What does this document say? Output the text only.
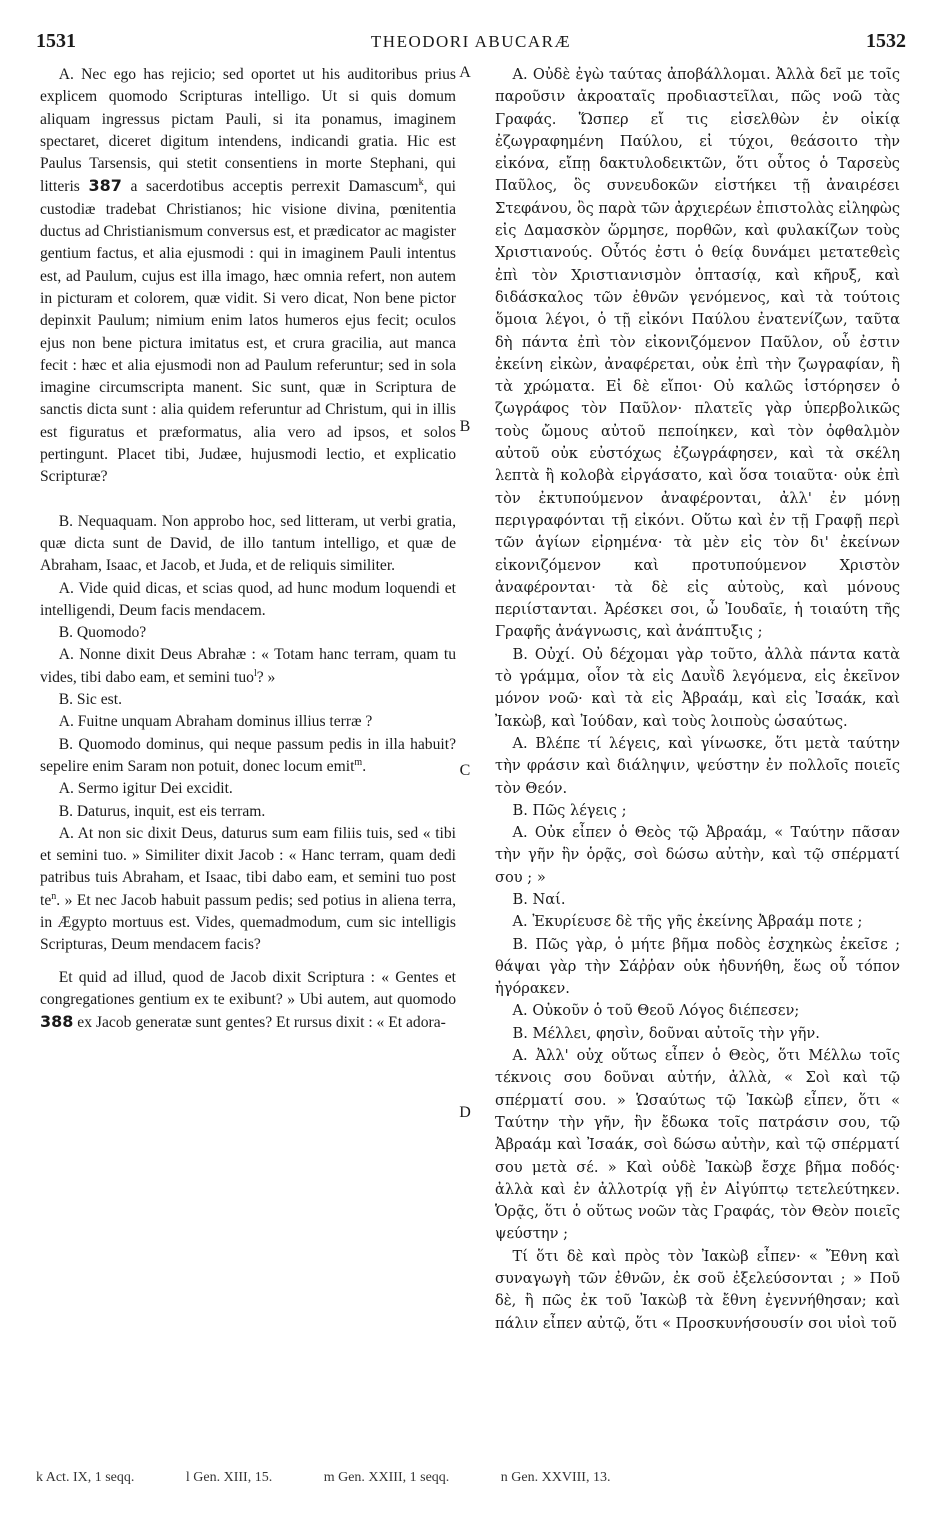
1531	THEODORI ABUCARÆ	1532

A. Nec ego has rejicio; sed oportet ut his auditoribus prius explicem quomodo Scripturas intelligo. Ut si quis domum aliquam ingressus pictam Pauli, si ita ponamus, imaginem spectaret, diceret digitum intendens, indicandi gratia. Hic est Paulus Tarsensis, qui stetit consentiens in morte Stephani, qui litteris 387 a sacerdotibus acceptis perrexit Damascum$^k$, qui custodiæ tradebat Christianos; hic visione divina, pœnitentia ductus ad Christianismum conversus est, et prædicator ac magister gentium factus, et alia ejusmodi : qui in imaginem Pauli intentus est, ad Paulum, cujus est illa imago, hæc omnia refert, non autem in picturam et colorem, quæ vidit. Si vero dicat, Non bene pictor depinxit Paulum; nimium enim latos humeros ejus fecit; oculos ejus non bene pictura imitatus est, et crura gracilia, aut manca fecit : hæc et alia ejusmodi non ad Paulum referuntur; sed in sola imagine circumscripta manent. Sic sunt, quæ in Scriptura de sanctis dicta sunt : alia quidem referuntur ad Christum, qui in illis est figuratus et præformatus, alia vero ad ipsos, et solos pertingunt. Placet tibi, Judæe, hujusmodi lectio, et explicatio Scripturæ?

B. Nequaquam. Non approbo hoc, sed litteram, ut verbi gratia, quæ dicta sunt de David, de illo tantum intelligo, et quæ de Abraham, Isaac, et Jacob, et Juda, et de reliquis similiter.

A. Vide quid dicas, et scias quod, ad hunc modum loquendi et intelligendi, Deum facis mendacem.

B. Quomodo?

A. Nonne dixit Deus Abrahæ : « Totam hanc terram, quam tu vides, tibi dabo eam, et semini tuo$^l$? »

B. Sic est.

A. Fuitne unquam Abraham dominus illius terræ ?

B. Quomodo dominus, qui neque passum pedis in illa habuit? sepelire enim Saram non potuit, donec locum emit$^m$.

A. Sermo igitur Dei excidit.

B. Daturus, inquit, est eis terram.

A. At non sic dixit Deus, daturus sum eam filiis tuis, sed « tibi et semini tuo. » Similiter dixit Jacob : « Hanc terram, quam dedi patribus tuis Abraham, et Isaac, tibi dabo eam, et semini tuo post te$^n$. » Et nec Jacob habuit passum pedis; sed potius in aliena terra, in Ægypto mortuus est. Vides, quemadmodum, cum sic intelligis Scripturas, Deum mendacem facis?

Et quid ad illud, quod de Jacob dixit Scriptura : « Gentes et congregationes gentium ex te exibunt? » Ubi autem, aut quomodo 388 ex Jacob generatæ sunt gentes? Et rursus dixit : « Et adora-

A
B
C
D

A. Οὐδὲ ἐγὼ ταύτας ἀποβάλλομαι. Ἀλλὰ δεῖ με τοῖς παροῦσιν ἀκροαταῖς προδιαστεῖλαι, πῶς νοῶ τὰς Γραφάς. Ὥσπερ εἴ τις εἰσελθὼν ἐν οἰκίᾳ ἐζωγραφημένη Παύλου, εἰ τύχοι, θεάσοιτο τὴν εἰκόνα, εἴπῃ δακτυλοδεικτῶν, ὅτι οὗτος ὁ Ταρσεὺς Παῦλος, ὃς συνευδοκῶν εἱστήκει τῇ ἀναιρέσει Στεφάνου, ὃς παρὰ τῶν ἀρχιερέων ἐπιστολὰς εἰληφὼς εἰς Δαμασκὸν ὥρμησε, πορθῶν, καὶ φυλακίζων τοὺς Χριστιανούς. Οὗτός ἐστι ὁ θείᾳ δυνάμει μετατεθεὶς ἐπὶ τὸν Χριστιανισμὸν ὀπτασίᾳ, καὶ κῆρυξ, καὶ διδάσκαλος τῶν ἐθνῶν γενόμενος, καὶ τὰ τούτοις ὅμοια λέγοι, ὁ τῇ εἰκόνι Παύλου ἐνατενίζων, ταῦτα δὴ πάντα ἐπὶ τὸν εἰκονιζόμενον Παῦλον, οὗ ἐστιν ἐκείνη εἰκὼν, ἀναφέρεται, οὐκ ἐπὶ τὴν ζωγραφίαν, ἢ τὰ χρώματα. Εἰ δὲ εἴποι· Οὐ καλῶς ἱστόρησεν ὁ ζωγράφος τὸν Παῦλον· πλατεῖς γὰρ ὑπερβολικῶς τοὺς ὤμους αὐτοῦ πεποίηκεν, καὶ τὸν ὀφθαλμὸν αὐτοῦ οὐκ εὐστόχως ἐζωγράφησεν, καὶ τὰ σκέλη λεπτὰ ἢ κολοβὰ εἰργάσατο, καὶ ὅσα τοιαῦτα· οὐκ ἐπὶ τὸν ἐκτυπούμενον ἀναφέρονται, ἀλλ' ἐν μόνῃ περιγραφόνται τῇ εἰκόνι. Οὕτω καὶ ἐν τῇ Γραφῇ περὶ τῶν ἁγίων εἰρημένα· τὰ μὲν εἰς τὸν δι' ἐκείνων εἰκονιζόμενον καὶ προτυπούμενον Χριστὸν ἀναφέρονται· τὰ δὲ εἰς αὐτοὺς, καὶ μόνους περιίστανται. Ἀρέσκει σοι, ὦ Ἰουδαῖε, ἡ τοιαύτη τῆς Γραφῆς ἀνάγνωσις, καὶ ἀνάπτυξις ;

B. Οὐχί. Οὐ δέχομαι γὰρ τοῦτο, ἀλλὰ πάντα κατὰ τὸ γράμμα, οἷον τὰ εἰς Δαυῒδ λεγόμενα, εἰς ἐκεῖνον μόνον νοῶ· καὶ τὰ εἰς Ἀβραάμ, καὶ εἰς Ἰσαάκ, καὶ Ἰακὼβ, καὶ Ἰούδαν, καὶ τοὺς λοιποὺς ὡσαύτως.

A. Βλέπε τί λέγεις, καὶ γίνωσκε, ὅτι μετὰ ταύτην τὴν φράσιν καὶ διάληψιν, ψεύστην ἐν πολλοῖς ποιεῖς τὸν Θεόν.

B. Πῶς λέγεις ;

A. Οὐκ εἶπεν ὁ Θεὸς τῷ Ἀβραάμ, « Ταύτην πᾶσαν τὴν γῆν ἣν ὁρᾷς, σοὶ δώσω αὐτὴν, καὶ τῷ σπέρματί σου ; »

B. Ναί.

A. Ἐκυρίευσε δὲ τῆς γῆς ἐκείνης Ἀβραάμ ποτε ;

B. Πῶς γὰρ, ὁ μήτε βῆμα ποδὸς ἐσχηκὼς ἐκεῖσε ; θάψαι γὰρ τὴν Σάῤῥαν οὐκ ἠδυνήθη, ἕως οὗ τόπον ἠγόρακεν.

A. Οὐκοῦν ὁ τοῦ Θεοῦ Λόγος διέπεσεν;

B. Μέλλει, φησὶν, δοῦναι αὐτοῖς τὴν γῆν.

A. Ἀλλ' οὐχ οὕτως εἶπεν ὁ Θεὸς, ὅτι Μέλλω τοῖς τέκνοις σου δοῦναι αὐτήν, ἀλλὰ, « Σοὶ καὶ τῷ σπέρματί σου. » Ὡσαύτως τῷ Ἰακὼβ εἶπεν, ὅτι « Ταύτην τὴν γῆν, ἣν ἔδωκα τοῖς πατράσιν σου, τῷ Ἀβραάμ καὶ Ἰσαάκ, σοὶ δώσω αὐτὴν, καὶ τῷ σπέρματί σου μετὰ σέ. » Καὶ οὐδὲ Ἰακὼβ ἔσχε βῆμα ποδός· ἀλλὰ καὶ ἐν ἀλλοτρίᾳ γῇ ἐν Αἰγύπτῳ τετελεύτηκεν. Ὁρᾷς, ὅτι ὁ οὕτως νοῶν τὰς Γραφάς, τὸν Θεὸν ποιεῖς ψεύστην ;

Τί ὅτι δὲ καὶ πρὸς τὸν Ἰακὼβ εἶπεν· « Ἔθνη καὶ συναγωγὴ τῶν ἐθνῶν, ἐκ σοῦ ἐξελεύσονται ; » Ποῦ δὲ, ἢ πῶς ἐκ τοῦ Ἰακὼβ τὰ ἔθνη ἐγεννήθησαν; καὶ πάλιν εἶπεν αὐτῷ, ὅτι « Προσκυνήσουσίν σοι υἱοὶ τοῦ

k Act. IX, 1 seqq.	l Gen. XIII, 15.	m Gen. XXIII, 1 seqq.	n Gen. XXVIII, 13.
